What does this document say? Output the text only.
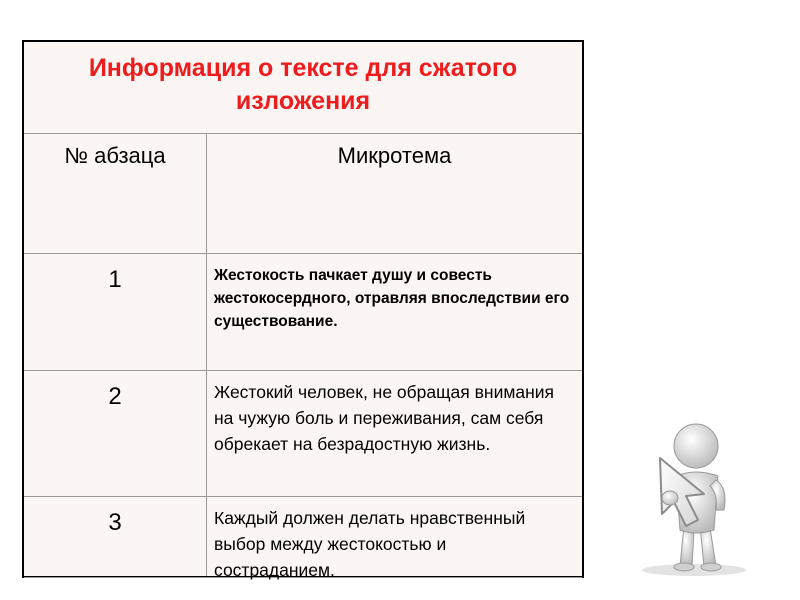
Информация о тексте для сжатого изложения
№ абзаца	Микротема
1	Жестокость пачкает душу и совесть жестокосердного, отравляя впоследствии его существование.
2	Жестокий человек, не обращая внимания на чужую боль и переживания, сам себя обрекает на безрадостную жизнь.
3	Каждый должен делать нравственный выбор между жестокостью и состраданием.
